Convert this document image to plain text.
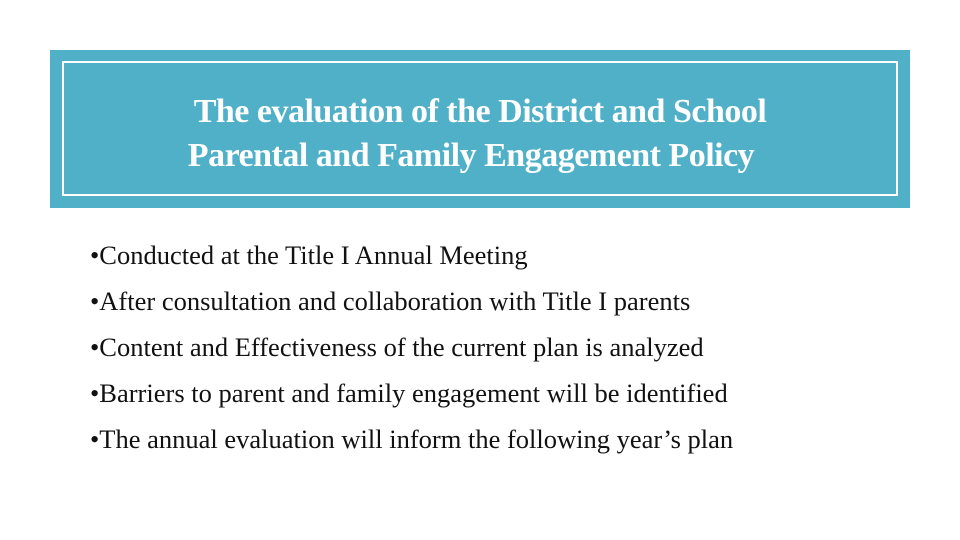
The evaluation of the District and School
Parental and Family Engagement Policy
•Conducted at the Title I Annual Meeting
•After consultation and collaboration with Title I parents
•Content and Effectiveness of the current plan is analyzed
•Barriers to parent and family engagement will be identified
•The annual evaluation will inform the following year’s plan
